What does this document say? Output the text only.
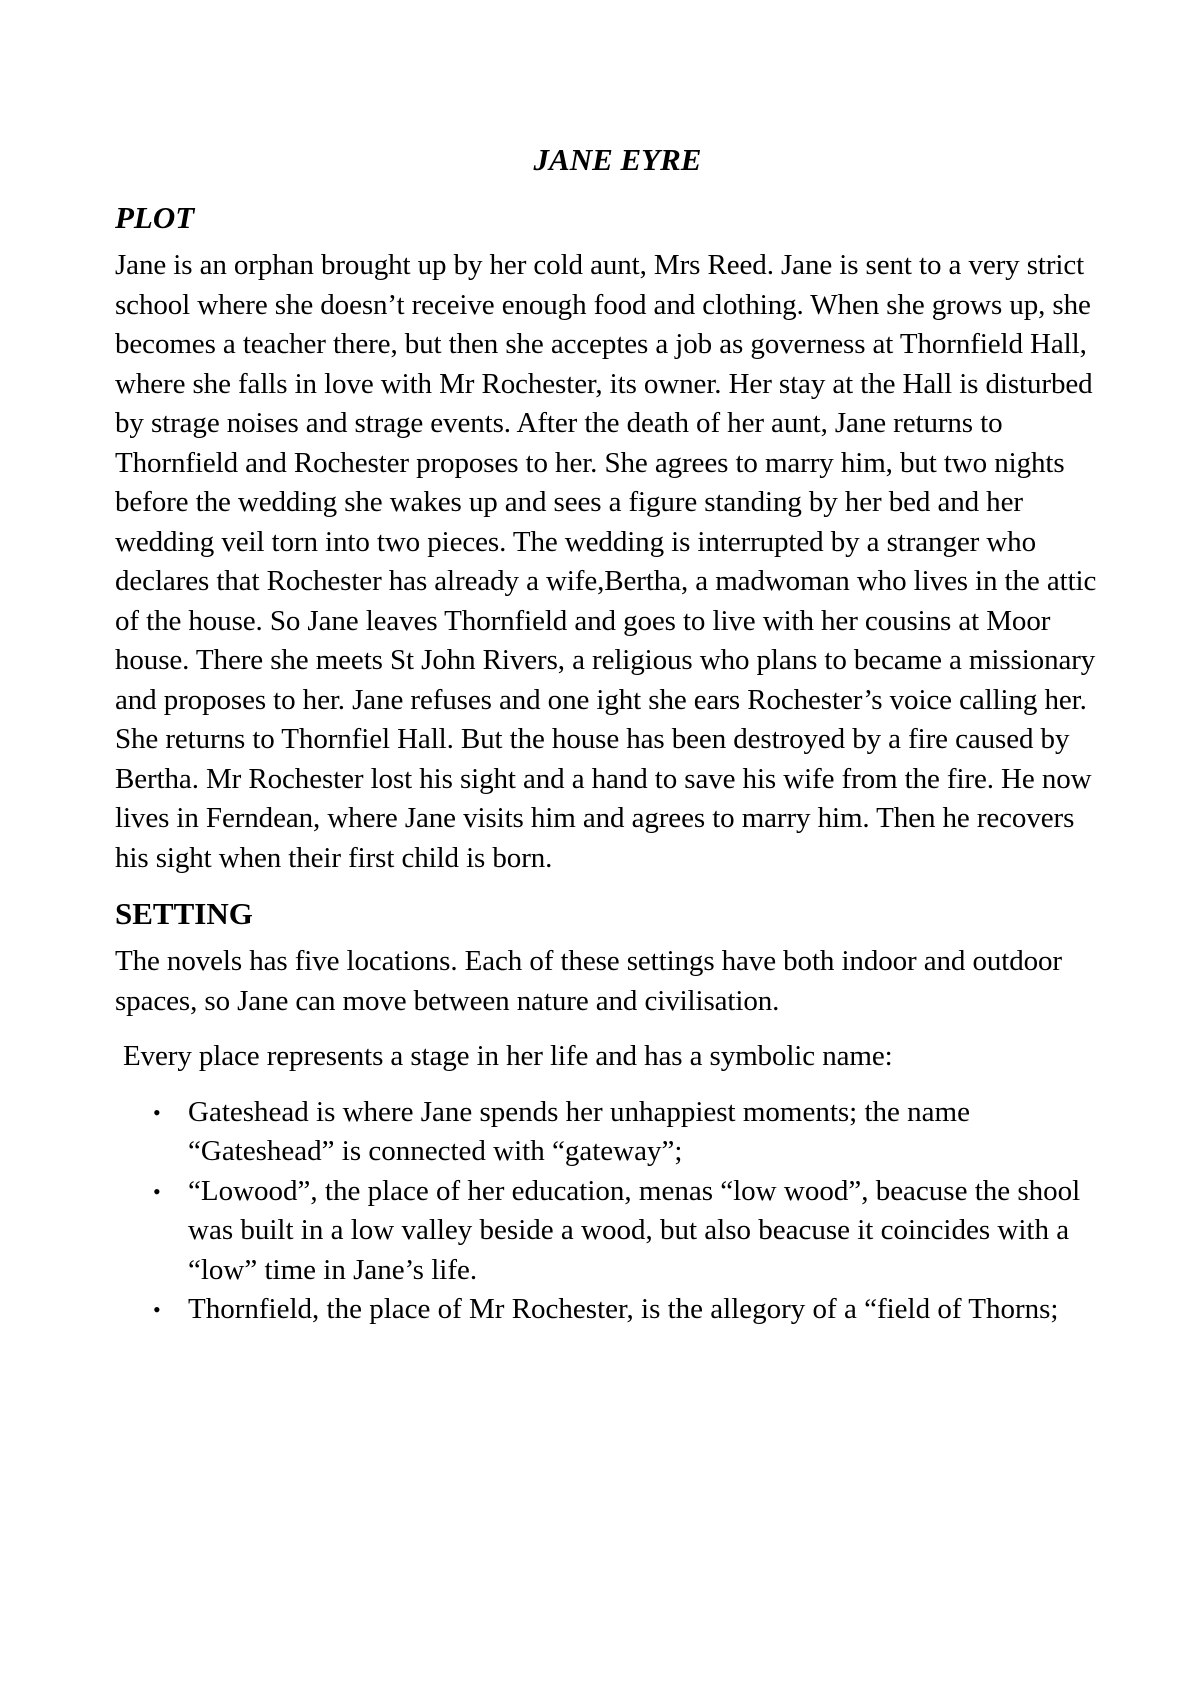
JANE EYRE
PLOT

Jane is an orphan brought up by her cold aunt, Mrs Reed. Jane is sent to a very strict school where she doesn’t receive enough food and clothing. When she grows up, she becomes a teacher there, but then she acceptes a job as governess at Thornfield Hall, where she falls in love with Mr Rochester, its owner. Her stay at the Hall is disturbed by strage noises and strage events. After the death of her aunt, Jane returns to Thornfield and Rochester proposes to her. She agrees to marry him, but two nights before the wedding she wakes up and sees a figure standing by her bed and her wedding veil torn into two pieces. The wedding is interrupted by a stranger who declares that Rochester has already a wife,Bertha, a madwoman who lives in the attic of the house. So Jane leaves Thornfield and goes to live with her cousins at Moor house. There she meets St John Rivers, a religious who plans to became a missionary and proposes to her. Jane refuses and one ight she ears Rochester’s voice calling her. She returns to Thornfiel Hall. But the house has been destroyed by a fire caused by Bertha. Mr Rochester lost his sight and a hand to save his wife from the fire. He now lives in Ferndean, where Jane visits him and agrees to marry him. Then he recovers his sight when their first child is born.

SETTING

The novels has five locations. Each of these settings have both indoor and outdoor spaces, so Jane can move between nature and civilisation.

Every place represents a stage in her life and has a symbolic name:

• Gateshead is where Jane spends her unhappiest moments; the name “Gateshead” is connected with “gateway”;
• “Lowood”, the place of her education, menas “low wood”, beacuse the shool was built in a low valley beside a wood, but also beacuse it coincides with a “low” time in Jane’s life.
• Thornfield, the place of Mr Rochester, is the allegory of a “field of Thorns;
